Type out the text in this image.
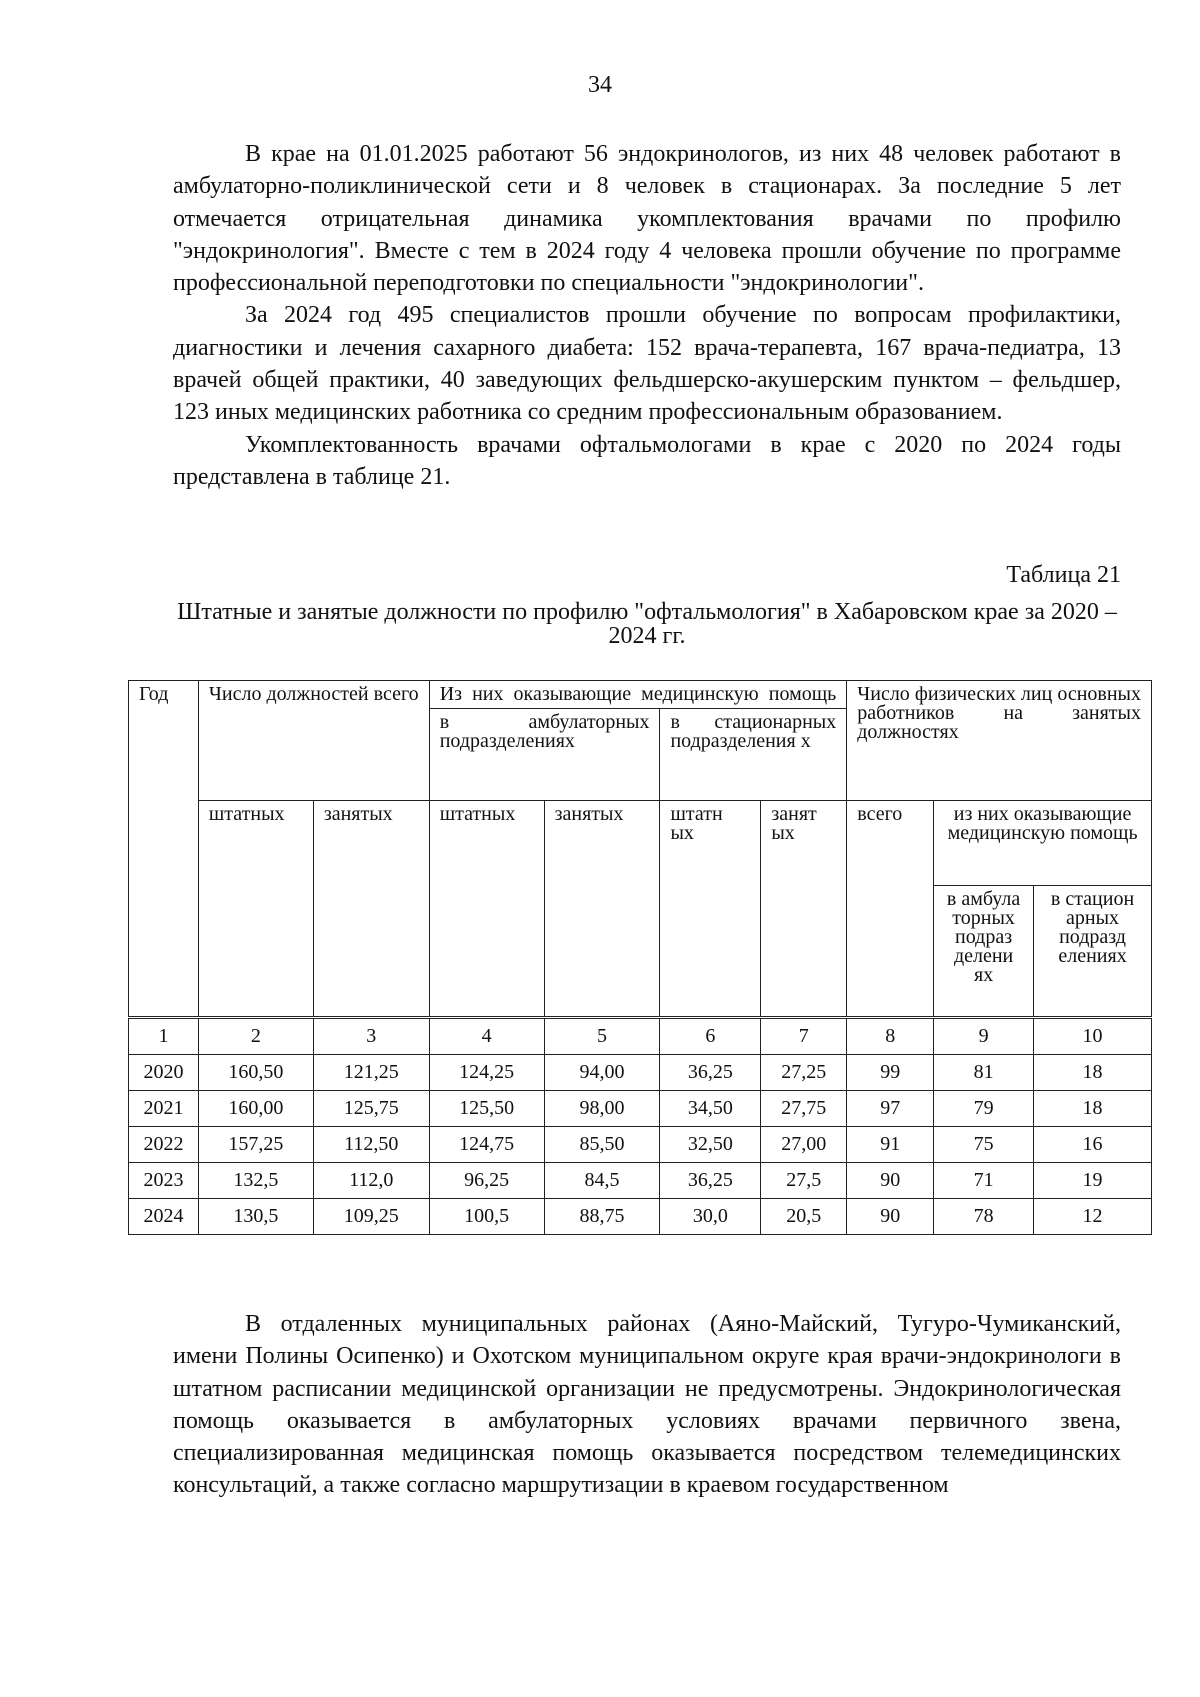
34

В крае на 01.01.2025 работают 56 эндокринологов, из них 48 человек работают в амбулаторно-поликлинической сети и 8 человек в стационарах. За последние 5 лет отмечается отрицательная динамика укомплектования врачами по профилю "эндокринология". Вместе с тем в 2024 году 4 человека прошли обучение по программе профессиональной переподготовки по специальности "эндокринологии".

За 2024 год 495 специалистов прошли обучение по вопросам профилактики, диагностики и лечения сахарного диабета: 152 врача-терапевта, 167 врача-педиатра, 13 врачей общей практики, 40 заведующих фельдшерско-акушерским пунктом – фельдшер, 123 иных медицинских работника со средним профессиональным образованием.

Укомплектованность врачами офтальмологами в крае с 2020 по 2024 годы представлена в таблице 21.

Таблица 21
Штатные и занятые должности по профилю "офтальмология" в Хабаровском крае за 2020 – 2024 гг.
Год	Число должностей всего		Из них оказывающие медицинскую помощь				Число физических лиц основных работников на занятых должностях		
			в амбулаторных подразделениях		в стационарных подразделения х				
	штатных	занятых	штатных	занятых	штатн ых	занят ых	всего	из них оказывающие медицинскую помощь	
								в амбула торных подраз делени ях	в стацион арных подразд елениях
1	2	3	4	5	6	7	8	9	10
2020	160,50	121,25	124,25	94,00	36,25	27,25	99	81	18
2021	160,00	125,75	125,50	98,00	34,50	27,75	97	79	18
2022	157,25	112,50	124,75	85,50	32,50	27,00	91	75	16
2023	132,5	112,0	96,25	84,5	36,25	27,5	90	71	19
2024	130,5	109,25	100,5	88,75	30,0	20,5	90	78	12

В отдаленных муниципальных районах (Аяно-Майский, Тугуро-Чумиканский, имени Полины Осипенко) и Охотском муниципальном округе края врачи-эндокринологи в штатном расписании медицинской организации не предусмотрены. Эндокринологическая помощь оказывается в амбулаторных условиях врачами первичного звена, специализированная медицинская помощь оказывается посредством телемедицинских консультаций, а также согласно маршрутизации в краевом государственном
